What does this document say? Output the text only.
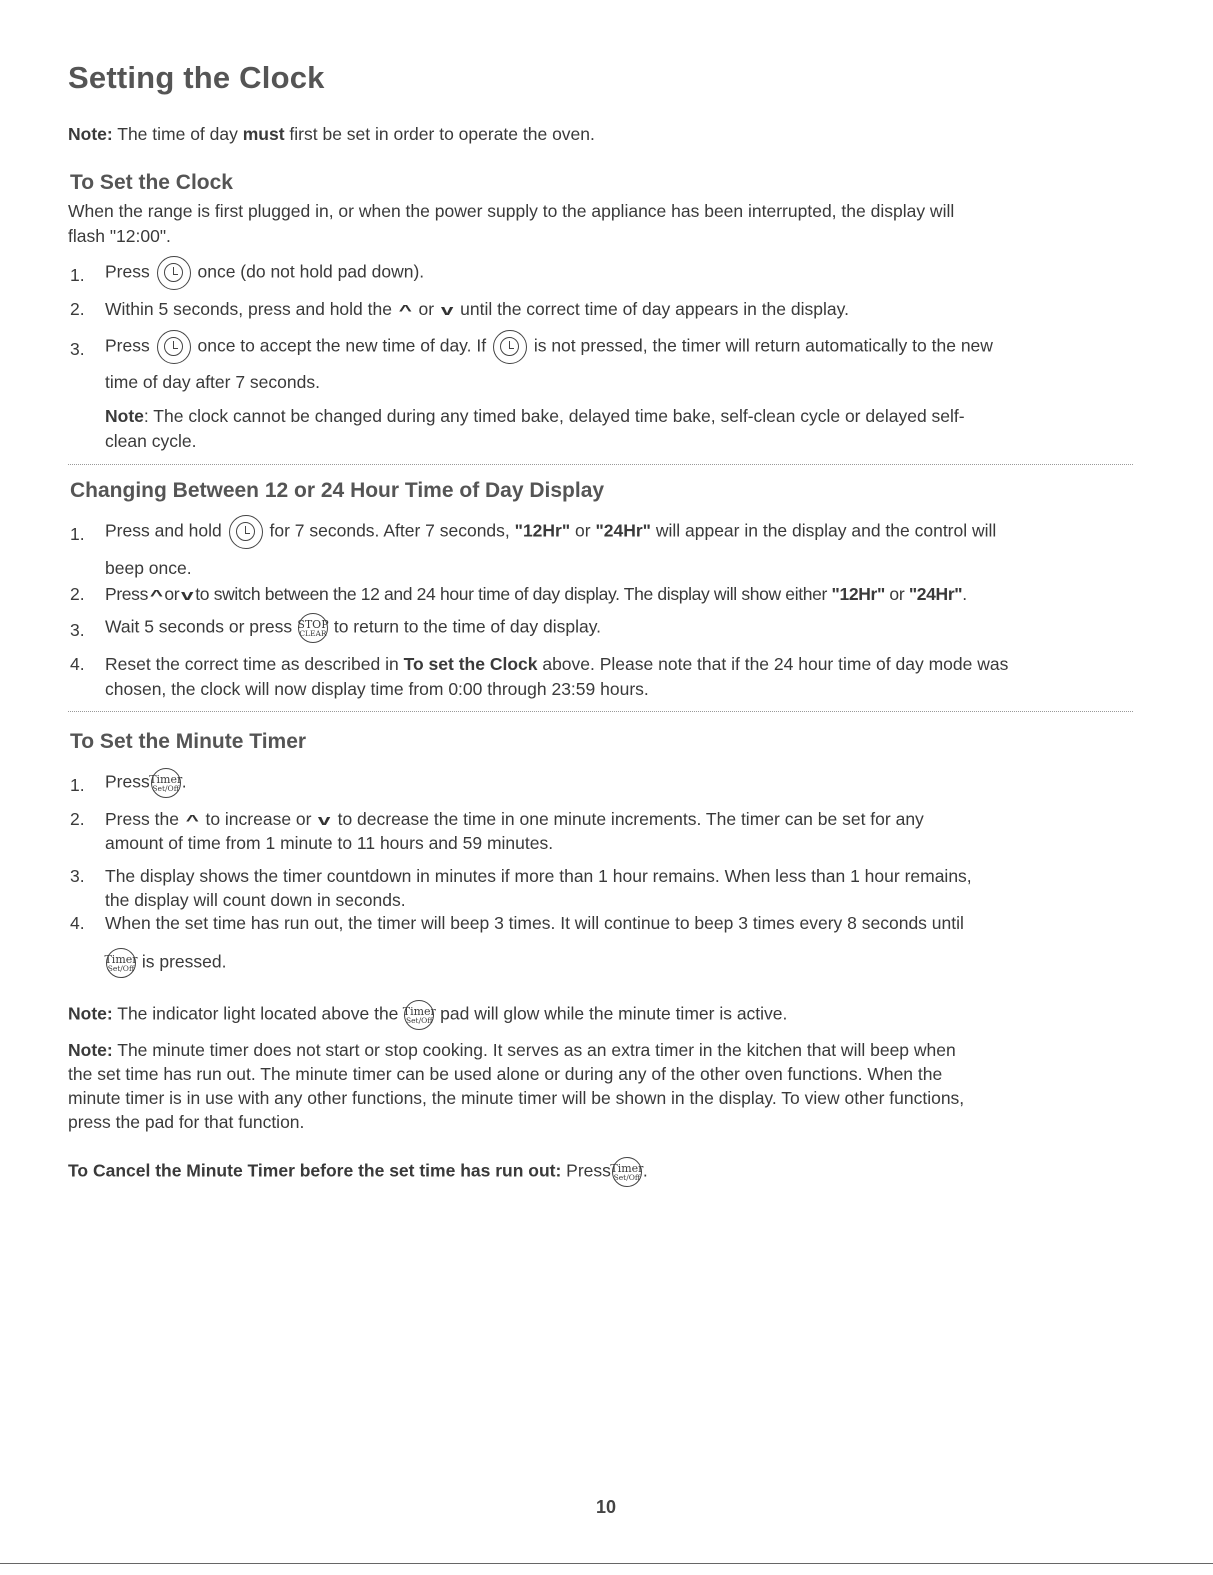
Setting the Clock

Note: The time of day must first be set in order to operate the oven.

To Set the Clock

When the range is first plugged in, or when the power supply to the appliance has been interrupted, the display will

flash "12:00".

1. Press	once (do not hold pad down).
2. Within 5 seconds, press and hold the ^ or v until the correct time of day appears in the display.
3. Press	once to accept the new time of day. If	is not pressed, the timer will return automatically to the new

time of day after 7 seconds.

Note: The clock cannot be changed during any timed bake, delayed time bake, self-clean cycle or delayed self-

clean cycle.

Changing Between 12 or 24 Hour Time of Day Display
1. Press and hold	for 7 seconds. After 7 seconds, "12Hr" or "24Hr" will appear in the display and the control will

beep once.

2. Press ^ or v to switch between the 12 and 24 hour time of day display. The display will show either "12Hr" or "24Hr".
3. Wait 5 seconds or press STOP
CLEAR to return to the time of day display.
4. Reset the correct time as described in To set the Clock above. Please note that if the 24 hour time of day mode was

chosen, the clock will now display time from 0:00 through 23:59 hours.

To Set the Minute Timer
1. Press Timer
Set/Off .
2. Press the ^ to increase or v to decrease the time in one minute increments. The timer can be set for any

amount of time from 1 minute to 11 hours and 59 minutes.

3. The display shows the timer countdown in minutes if more than 1 hour remains. When less than 1 hour remains,

the display will count down in seconds.

4. When the set time has run out, the timer will beep 3 times. It will continue to beep 3 times every 8 seconds until

Timer
Set/Off is pressed.
Note: The indicator light located above the Timer
Set/Off pad will glow while the minute timer is active.

Note: The minute timer does not start or stop cooking. It serves as an extra timer in the kitchen that will beep when

the set time has run out. The minute timer can be used alone or during any of the other oven functions. When the

minute timer is in use with any other functions, the minute timer will be shown in the display. To view other functions,

press the pad for that function.

To Cancel the Minute Timer before the set time has run out: Press Timer
Set/Off .
10
